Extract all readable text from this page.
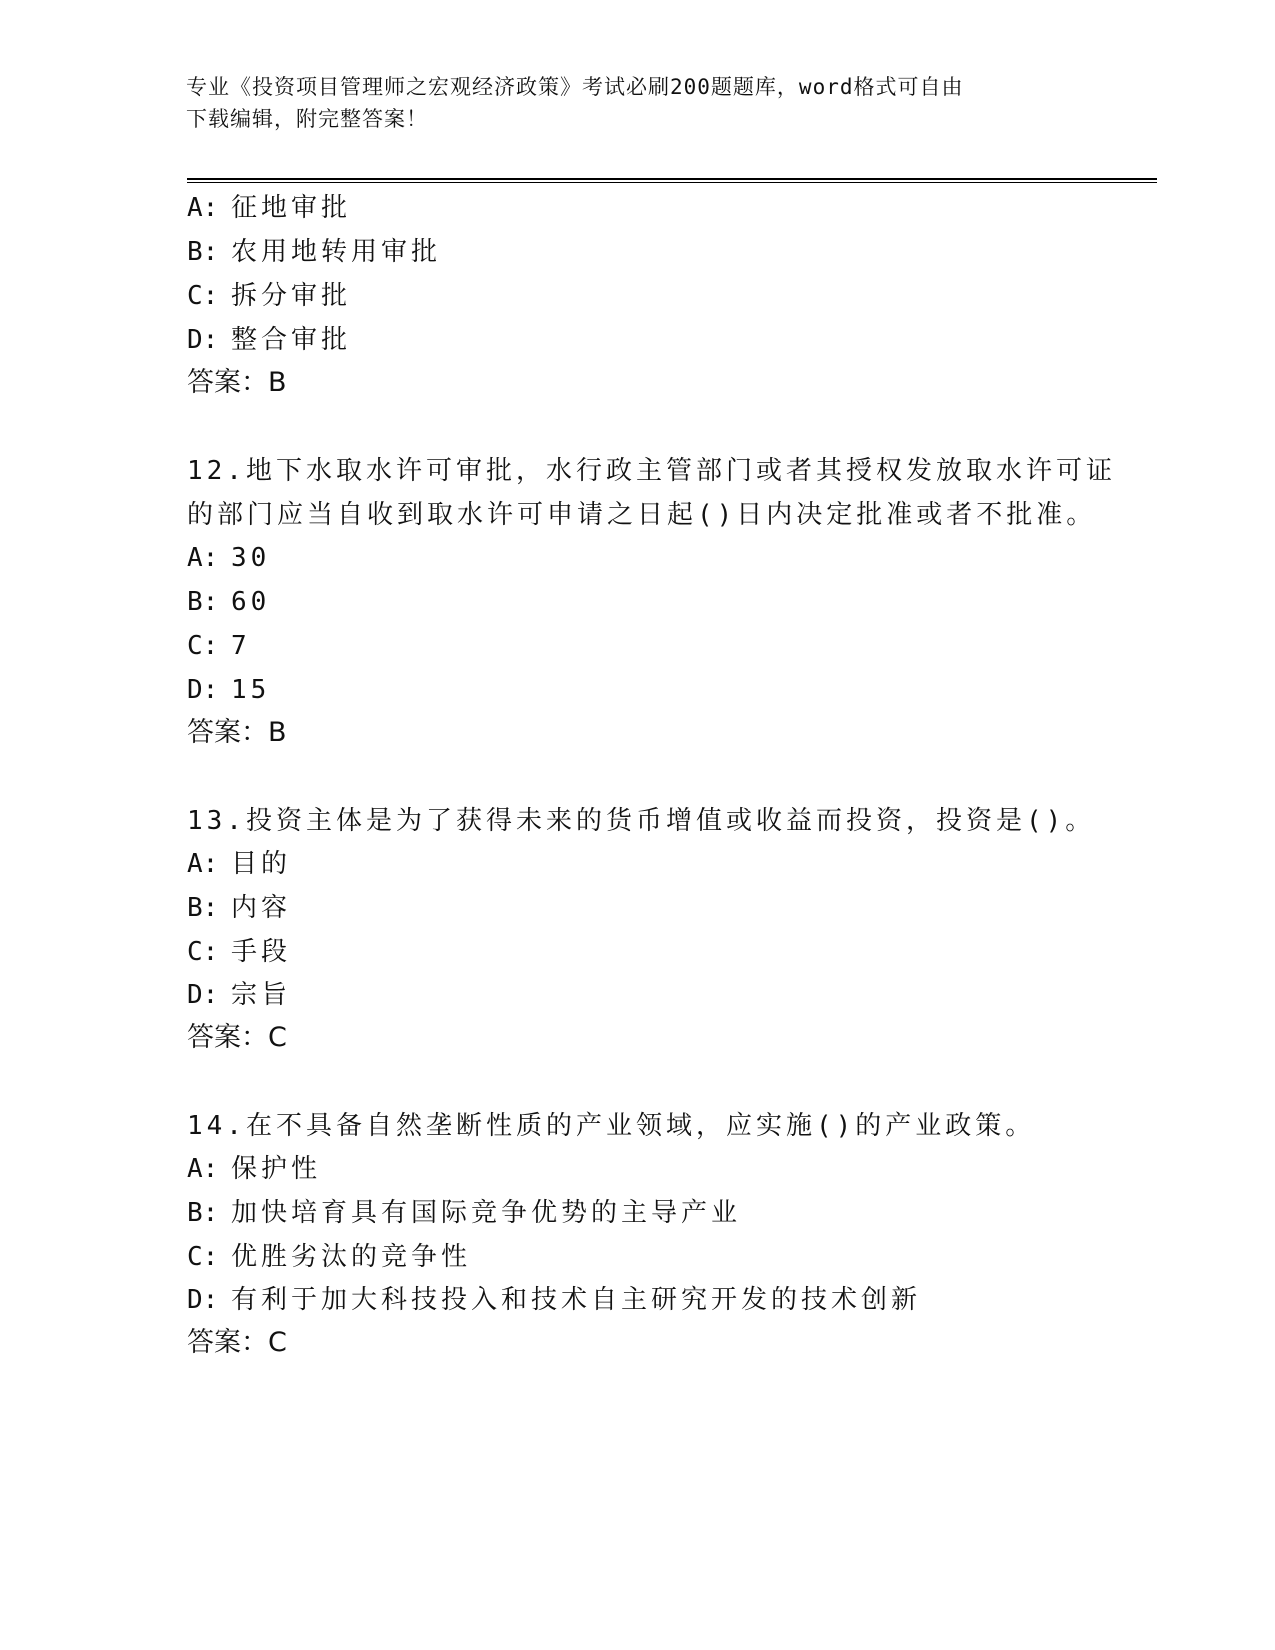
专业《投资项目管理师之宏观经济政策》考试必刷200题题库，word格式可自由
下载编辑，附完整答案！
A: 征地审批
B: 农用地转用审批
C: 拆分审批
D: 整合审批
答案：B
12.地下水取水许可审批，水行政主管部门或者其授权发放取水许可证
的部门应当自收到取水许可申请之日起()日内决定批准或者不批准。
A: 30
B: 60
C: 7
D: 15
答案：B
13.投资主体是为了获得未来的货币增值或收益而投资，投资是()。
A: 目的
B: 内容
C: 手段
D: 宗旨
答案：C
14.在不具备自然垄断性质的产业领域，应实施()的产业政策。
A: 保护性
B: 加快培育具有国际竞争优势的主导产业
C: 优胜劣汰的竞争性
D: 有利于加大科技投入和技术自主研究开发的技术创新
答案：C
